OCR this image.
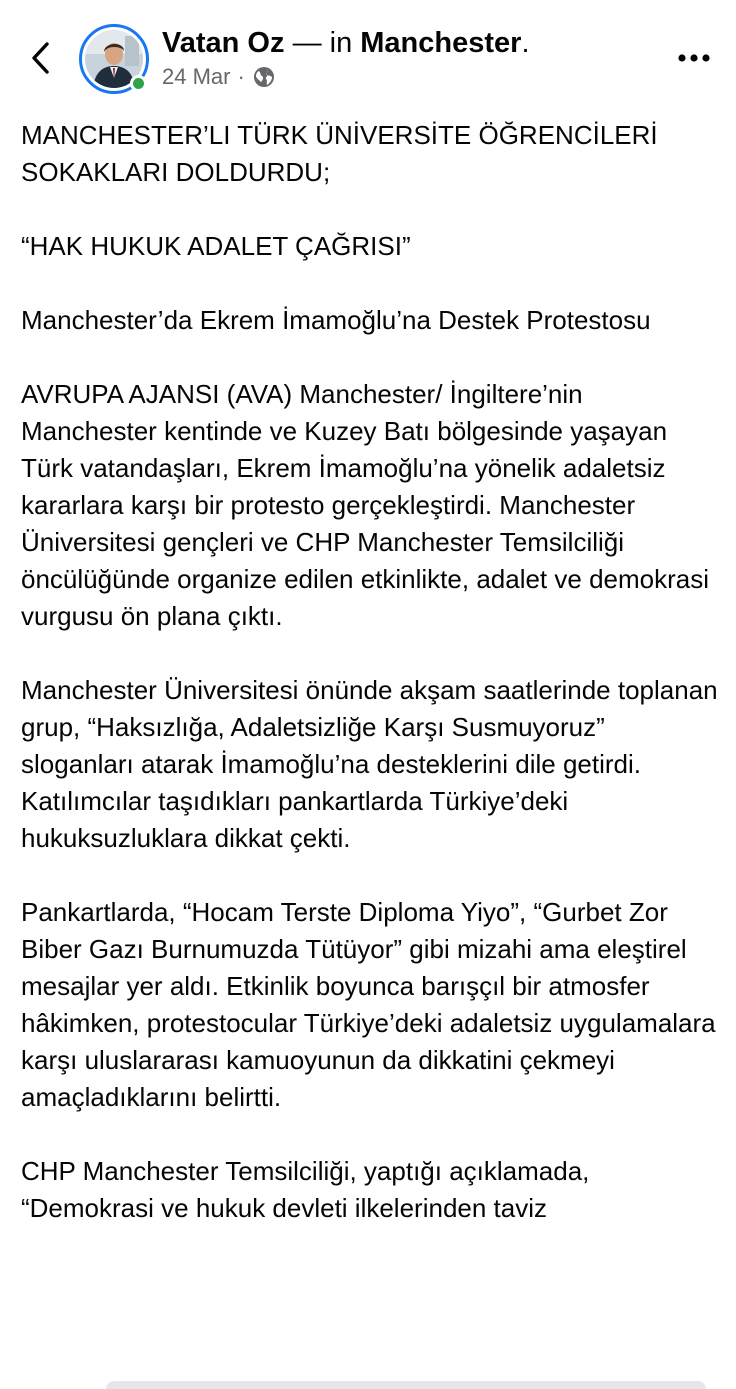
Vatan Oz — in Manchester.
24 Mar ·

MANCHESTER’LI TÜRK ÜNİVERSİTE ÖĞRENCİLERİ SOKAKLARI DOLDURDU;

“HAK HUKUK ADALET ÇAĞRISI”

Manchester’da Ekrem İmamoğlu’na Destek Protestosu

AVRUPA AJANSI (AVA) Manchester/ İngiltere’nin Manchester kentinde ve Kuzey Batı bölgesinde yaşayan Türk vatandaşları, Ekrem İmamoğlu’na yönelik adaletsiz kararlara karşı bir protesto gerçekleştirdi. Manchester Üniversitesi gençleri ve CHP Manchester Temsilciliği öncülüğünde organize edilen etkinlikte, adalet ve demokrasi vurgusu ön plana çıktı.

Manchester Üniversitesi önünde akşam saatlerinde toplanan grup, “Haksızlığa, Adaletsizliğe Karşı Susmuyoruz” sloganları atarak İmamoğlu’na desteklerini dile getirdi. Katılımcılar taşıdıkları pankartlarda Türkiye’deki hukuksuzluklara dikkat çekti.

Pankartlarda, “Hocam Terste Diploma Yiyo”, “Gurbet Zor Biber Gazı Burnumuzda Tütüyor” gibi mizahi ama eleştirel mesajlar yer aldı. Etkinlik boyunca barışçıl bir atmosfer hâkimken, protestocular Türkiye’deki adaletsiz uygulamalara karşı uluslararası kamuoyunun da dikkatini çekmeyi amaçladıklarını belirtti.

CHP Manchester Temsilciliği, yaptığı açıklamada, “Demokrasi ve hukuk devleti ilkelerinden taviz
